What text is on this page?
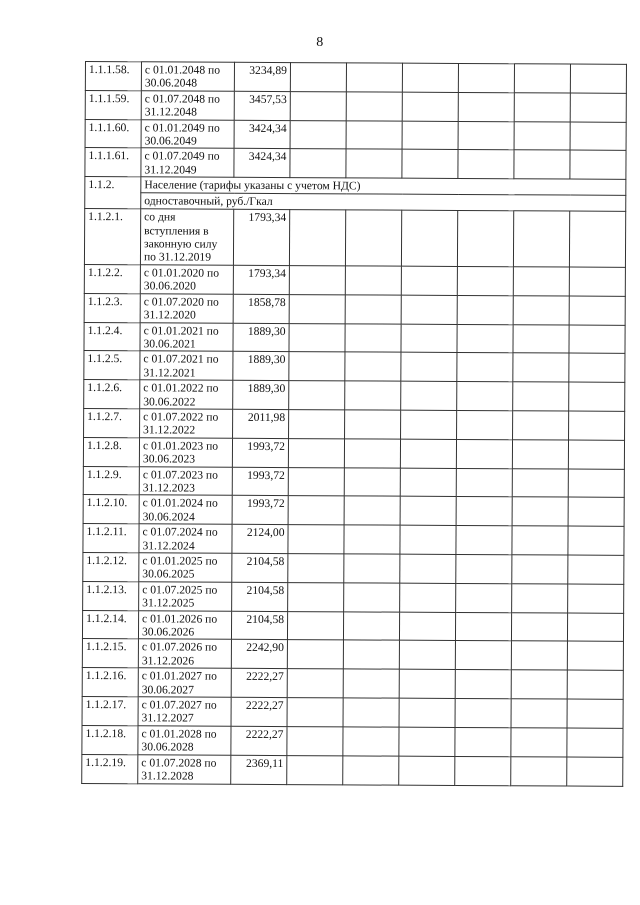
8
1.1.1.58.	с 01.01.2048 по 30.06.2048	3234,89						
1.1.1.59.	с 01.07.2048 по 31.12.2048	3457,53						
1.1.1.60.	с 01.01.2049 по 30.06.2049	3424,34						
1.1.1.61.	с 01.07.2049 по 31.12.2049	3424,34						
1.1.2.	Население (тарифы указаны с учетом НДС)							
	одноставочный, руб./Гкал							
1.1.2.1.	со дня вступления в законную силу по 31.12.2019	1793,34						
1.1.2.2.	с 01.01.2020 по 30.06.2020	1793,34						
1.1.2.3.	с 01.07.2020 по 31.12.2020	1858,78						
1.1.2.4.	с 01.01.2021 по 30.06.2021	1889,30						
1.1.2.5.	с 01.07.2021 по 31.12.2021	1889,30						
1.1.2.6.	с 01.01.2022 по 30.06.2022	1889,30						
1.1.2.7.	с 01.07.2022 по 31.12.2022	2011,98						
1.1.2.8.	с 01.01.2023 по 30.06.2023	1993,72						
1.1.2.9.	с 01.07.2023 по 31.12.2023	1993,72						
1.1.2.10.	с 01.01.2024 по 30.06.2024	1993,72						
1.1.2.11.	с 01.07.2024 по 31.12.2024	2124,00						
1.1.2.12.	с 01.01.2025 по 30.06.2025	2104,58						
1.1.2.13.	с 01.07.2025 по 31.12.2025	2104,58						
1.1.2.14.	с 01.01.2026 по 30.06.2026	2104,58						
1.1.2.15.	с 01.07.2026 по 31.12.2026	2242,90						
1.1.2.16.	с 01.01.2027 по 30.06.2027	2222,27						
1.1.2.17.	с 01.07.2027 по 31.12.2027	2222,27						
1.1.2.18.	с 01.01.2028 по 30.06.2028	2222,27						
1.1.2.19.	с 01.07.2028 по 31.12.2028	2369,11						
